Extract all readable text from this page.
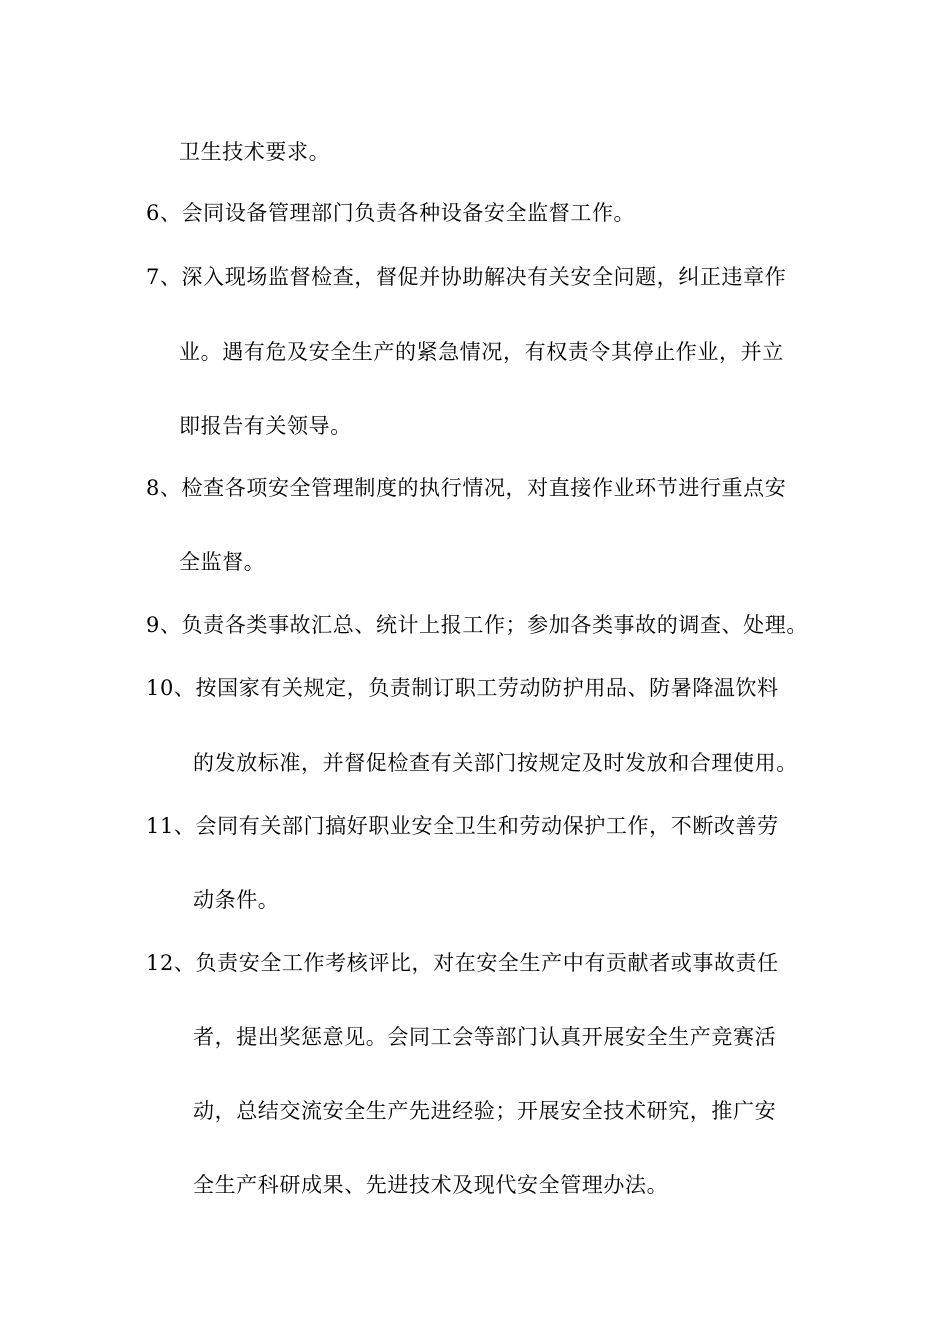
卫生技术要求。
6、会同设备管理部门负责各种设备安全监督工作。
7、深入现场监督检查，督促并协助解决有关安全问题，纠正违章作
业。遇有危及安全生产的紧急情况，有权责令其停止作业，并立
即报告有关领导。
8、检查各项安全管理制度的执行情况，对直接作业环节进行重点安
全监督。
9、负责各类事故汇总、统计上报工作；参加各类事故的调查、处理。
10、按国家有关规定，负责制订职工劳动防护用品、防暑降温饮料
的发放标准，并督促检查有关部门按规定及时发放和合理使用。
11、会同有关部门搞好职业安全卫生和劳动保护工作，不断改善劳
动条件。
12、负责安全工作考核评比，对在安全生产中有贡献者或事故责任
者，提出奖惩意见。会同工会等部门认真开展安全生产竞赛活
动，总结交流安全生产先进经验；开展安全技术研究，推广安
全生产科研成果、先进技术及现代安全管理办法。
